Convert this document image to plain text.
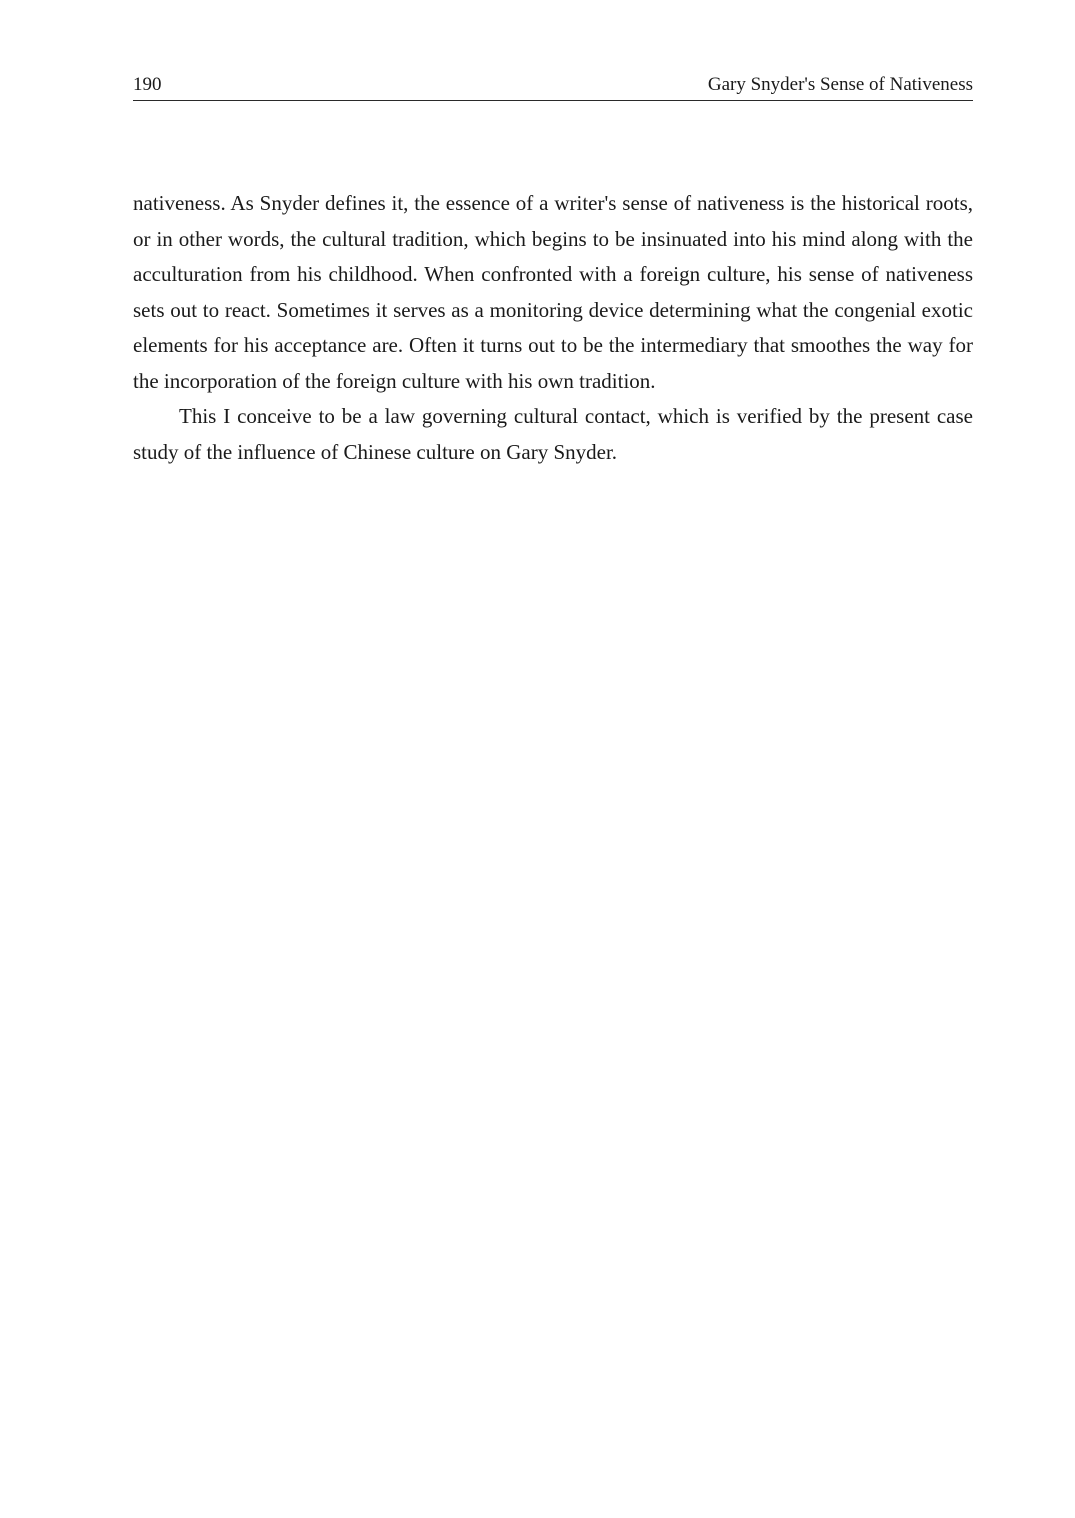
190	Gary Snyder's Sense of Nativeness

nativeness. As Snyder defines it, the essence of a writer's sense of nativeness is the historical roots, or in other words, the cultural tradition, which begins to be insinuated into his mind along with the acculturation from his childhood. When confronted with a foreign culture, his sense of nativeness sets out to react. Sometimes it serves as a monitoring device determining what the congenial exotic elements for his acceptance are. Often it turns out to be the intermediary that smoothes the way for the incorporation of the foreign culture with his own tradition.

This I conceive to be a law governing cultural contact, which is verified by the present case study of the influence of Chinese culture on Gary Snyder.
